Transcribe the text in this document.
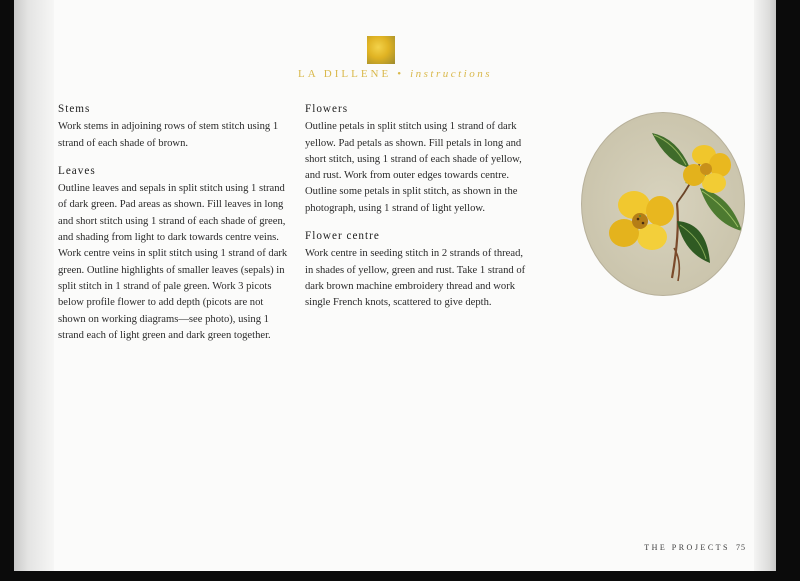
LA DILLENE • instructions
Stems

Work stems in adjoining rows of stem stitch using 1 strand of each shade of brown.

Leaves

Outline leaves and sepals in split stitch using 1 strand of dark green. Pad areas as shown. Fill leaves in long and short stitch using 1 strand of each shade of green, and shading from light to dark towards centre veins. Work centre veins in split stitch using 1 strand of dark green. Outline highlights of smaller leaves (sepals) in split stitch in 1 strand of pale green. Work 3 picots below profile flower to add depth (picots are not shown on working diagrams—see photo), using 1 strand each of light green and dark green together.

Flowers

Outline petals in split stitch using 1 strand of dark yellow. Pad petals as shown. Fill petals in long and short stitch, using 1 strand of each shade of yellow, and rust. Work from outer edges towards centre. Outline some petals in split stitch, as shown in the photograph, using 1 strand of light yellow.

Flower centre

Work centre in seeding stitch in 2 strands of thread, in shades of yellow, green and rust. Take 1 strand of dark brown machine embroidery thread and work single French knots, scattered to give depth.

THE PROJECTS 75
